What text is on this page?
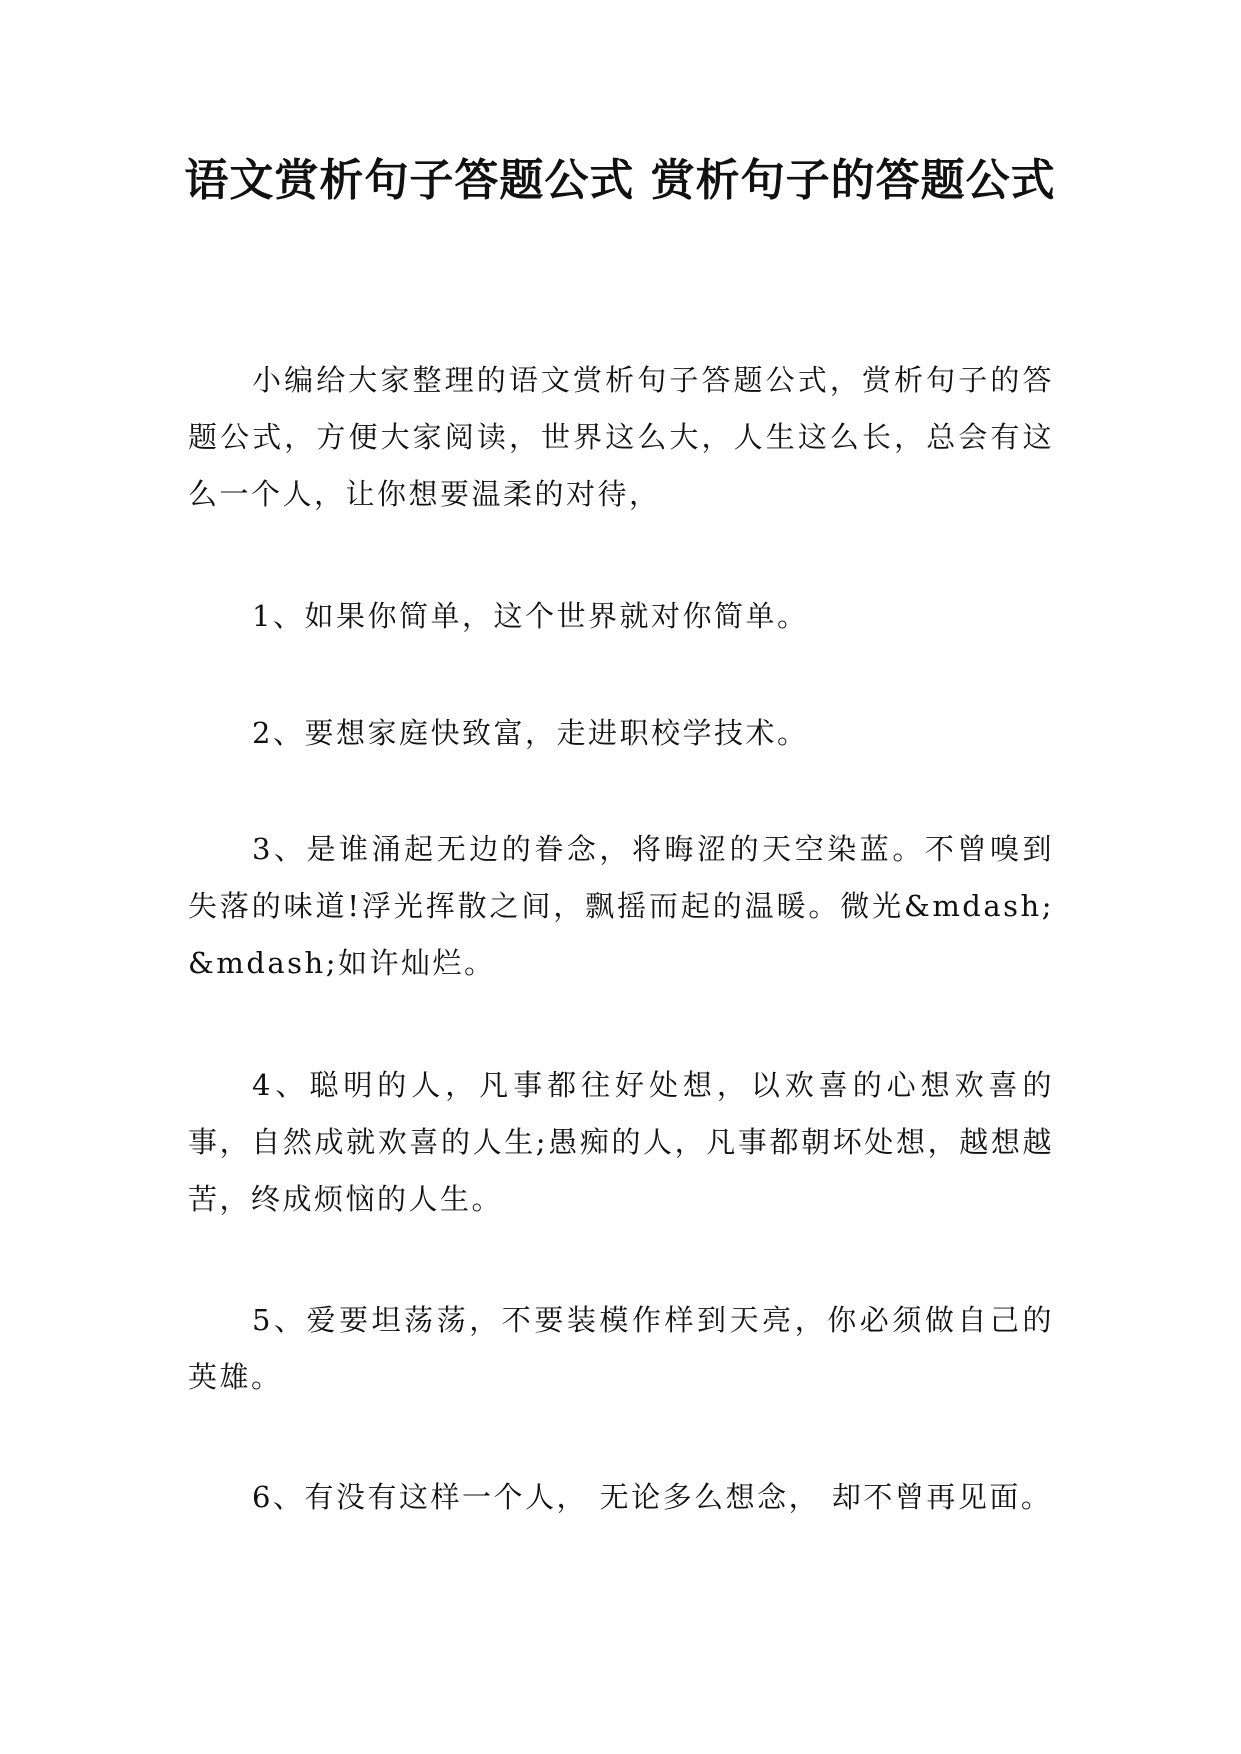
语文赏析句子答题公式 赏析句子的答题公式

小编给大家整理的语文赏析句子答题公式，赏析句子的答题公式，方便大家阅读，世界这么大，人生这么长，总会有这么一个人，让你想要温柔的对待，

1、如果你简单，这个世界就对你简单。

2、要想家庭快致富，走进职校学技术。

3、是谁涌起无边的眷念，将晦涩的天空染蓝。不曾嗅到失落的味道!浮光挥散之间，飘摇而起的温暖。微光&mdash;&mdash;如许灿烂。

4、聪明的人，凡事都往好处想，以欢喜的心想欢喜的事，自然成就欢喜的人生;愚痴的人，凡事都朝坏处想，越想越苦，终成烦恼的人生。

5、爱要坦荡荡，不要装模作样到天亮，你必须做自己的英雄。

6、有没有这样一个人， 无论多么想念， 却不曾再见面。
